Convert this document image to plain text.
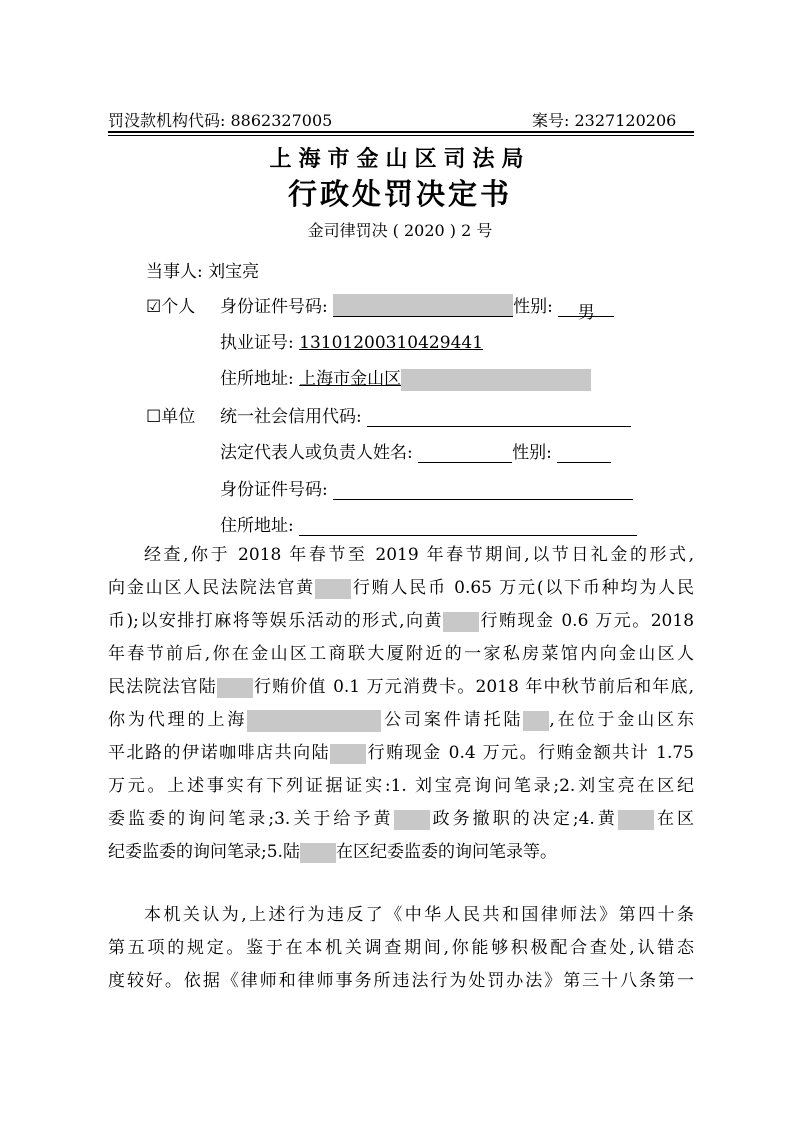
罚没款机构代码: 8862327005	案号: 2327120206
上海市金山区司法局
行政处罚决定书
金司律罚决 ( 2020 ) 2 号
当事人: 刘宝亮
☑个人 身份证件号码:	性别: 男
执业证号: 13101200310429441
住所地址: 上海市金山区
☐单位 统一社会信用代码:
法定代表人或负责人姓名:	性别:
身份证件号码:
住所地址:
经查,你于 2018 年春节至 2019 年春节期间,以节日礼金的形式,
向金山区人民法院法官黄 行贿人民币 0.65 万元(以下币种均为人民
币);以安排打麻将等娱乐活动的形式,向黄 行贿现金 0.6 万元。2018
年春节前后,你在金山区工商联大厦附近的一家私房菜馆内向金山区人
民法院法官陆 行贿价值 0.1 万元消费卡。2018 年中秋节前后和年底,
你为代理的上海	公司案件请托陆 ,在位于金山区东
平北路的伊诺咖啡店共向陆 行贿现金 0.4 万元。行贿金额共计 1.75
万元。上述事实有下列证据证实:1. 刘宝亮询问笔录;2.刘宝亮在区纪
委监委的询问笔录;3.关于给予黄 政务撤职的决定;4.黄 在区
纪委监委的询问笔录;5.陆 在区纪委监委的询问笔录等。
本机关认为,上述行为违反了《中华人民共和国律师法》第四十条
第五项的规定。鉴于在本机关调查期间,你能够积极配合查处,认错态
度较好。依据《律师和律师事务所违法行为处罚办法》第三十八条第一
